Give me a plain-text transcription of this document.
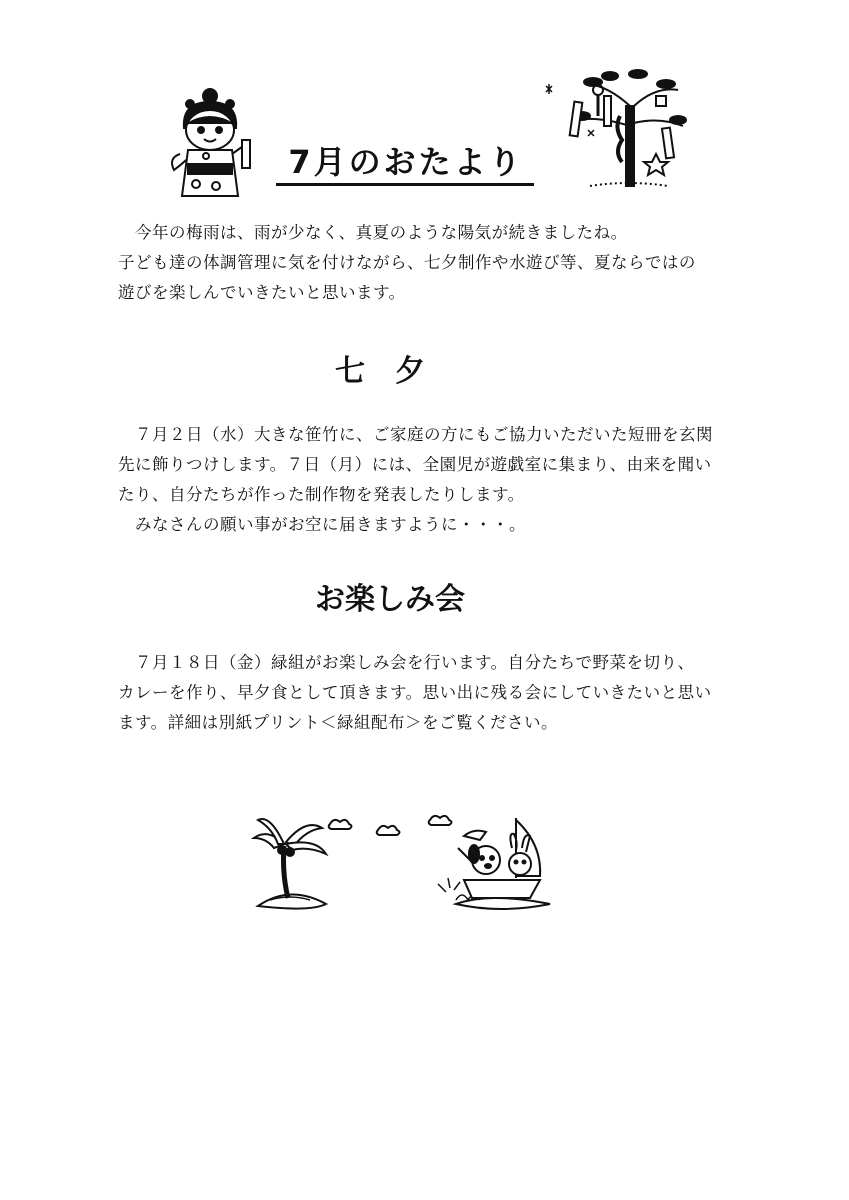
7月のおたより

　今年の梅雨は、雨が少なく、真夏のような陽気が続きましたね。

子ども達の体調管理に気を付けながら、七夕制作や水遊び等、夏ならではの

遊びを楽しんでいきたいと思います。

七　夕

　７月２日（水）大きな笹竹に、ご家庭の方にもご協力いただいた短冊を玄関

先に飾りつけします。７日（月）には、全園児が遊戯室に集まり、由来を聞い

たり、自分たちが作った制作物を発表したりします。

　みなさんの願い事がお空に届きますように・・・。

お楽しみ会

　７月１８日（金）緑組がお楽しみ会を行います。自分たちで野菜を切り、

カレーを作り、早夕食として頂きます。思い出に残る会にしていきたいと思い

ます。詳細は別紙プリント＜緑組配布＞をご覧ください。
